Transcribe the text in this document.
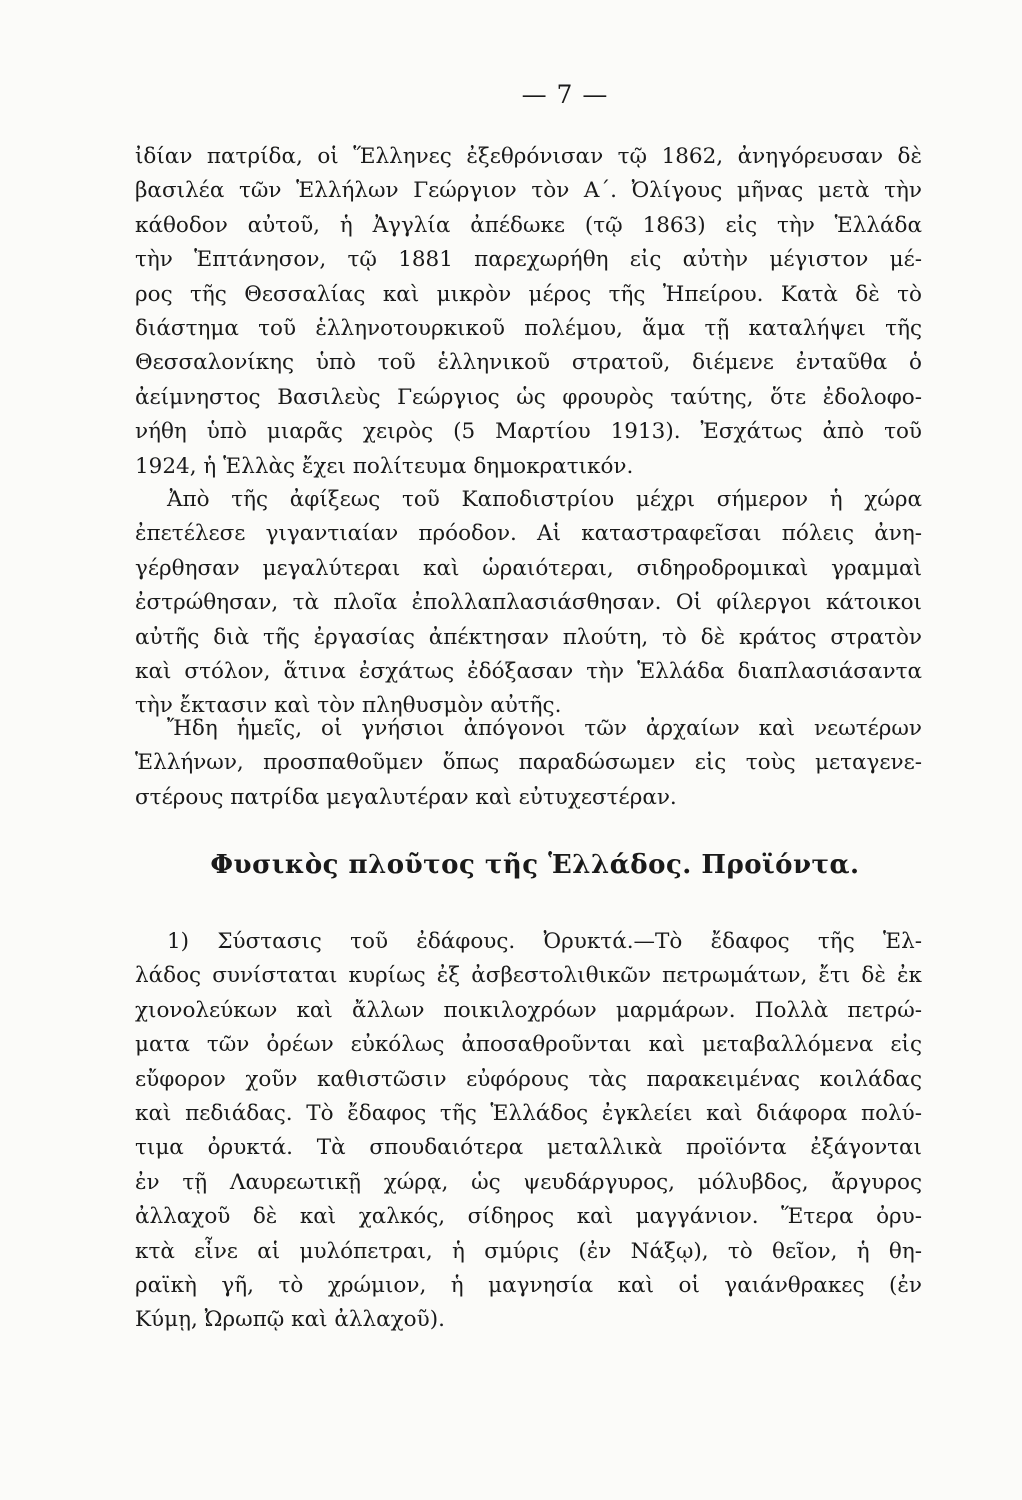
— 7 —
ἰδίαν πατρίδα, οἱ Ἕλληνες ἐξεθρόνισαν τῷ 1862, ἀνηγόρευσαν δὲ
βασιλέα τῶν Ἑλλήλων Γεώργιον τὸν Α΄. Ὀλίγους μῆνας μετὰ τὴν
κάθοδον αὐτοῦ, ἡ Ἀγγλία ἀπέδωκε (τῷ 1863) εἰς τὴν Ἑλλάδα
τὴν Ἑπτάνησον, τῷ 1881 παρεχωρήθη εἰς αὐτὴν μέγιστον μέ-
ρος τῆς Θεσσαλίας καὶ μικρὸν μέρος τῆς Ἠπείρου. Κατὰ δὲ τὸ
διάστημα τοῦ ἑλληνοτουρκικοῦ πολέμου, ἅμα τῇ καταλήψει τῆς
Θεσσαλονίκης ὑπὸ τοῦ ἑλληνικοῦ στρατοῦ, διέμενε ἐνταῦθα ὁ
ἀείμνηστος Βασιλεὺς Γεώργιος ὡς φρουρὸς ταύτης, ὅτε ἐδολοφο-
νήθη ὑπὸ μιαρᾶς χειρὸς (5 Μαρτίου 1913). Ἐσχάτως ἀπὸ τοῦ
1924, ἡ Ἑλλὰς ἔχει πολίτευμα δημοκρατικόν.
Ἀπὸ τῆς ἀφίξεως τοῦ Καποδιστρίου μέχρι σήμερον ἡ χώρα
ἐπετέλεσε γιγαντιαίαν πρόοδον. Αἱ καταστραφεῖσαι πόλεις ἀνη-
γέρθησαν μεγαλύτεραι καὶ ὡραιότεραι, σιδηροδρομικαὶ γραμμαὶ
ἐστρώθησαν, τὰ πλοῖα ἐπολλαπλασιάσθησαν. Οἱ φίλεργοι κάτοικοι
αὐτῆς διὰ τῆς ἐργασίας ἀπέκτησαν πλούτη, τὸ δὲ κράτος στρατὸν
καὶ στόλον, ἅτινα ἐσχάτως ἐδόξασαν τὴν Ἑλλάδα διαπλασιάσαντα
τὴν ἔκτασιν καὶ τὸν πληθυσμὸν αὐτῆς.
Ἤδη ἡμεῖς, οἱ γνήσιοι ἀπόγονοι τῶν ἀρχαίων καὶ νεωτέρων
Ἑλλήνων, προσπαθοῦμεν ὅπως παραδώσωμεν εἰς τοὺς μεταγενε-
στέρους πατρίδα μεγαλυτέραν καὶ εὐτυχεστέραν.
Φυσικὸς πλοῦτος τῆς Ἑλλάδος. Προϊόντα.
1) Σύστασις τοῦ ἐδάφους. Ὀρυκτά.—Τὸ ἔδαφος τῆς Ἑλ-
λάδος συνίσταται κυρίως ἐξ ἀσβεστολιθικῶν πετρωμάτων, ἔτι δὲ ἐκ
χιονολεύκων καὶ ἄλλων ποικιλοχρόων μαρμάρων. Πολλὰ πετρώ-
ματα τῶν ὀρέων εὐκόλως ἀποσαθροῦνται καὶ μεταβαλλόμενα εἰς
εὔφορον χοῦν καθιστῶσιν εὐφόρους τὰς παρακειμένας κοιλάδας
καὶ πεδιάδας. Τὸ ἔδαφος τῆς Ἑλλάδος ἐγκλείει καὶ διάφορα πολύ-
τιμα ὀρυκτά. Τὰ σπουδαιότερα μεταλλικὰ προϊόντα ἐξάγονται
ἐν τῇ Λαυρεωτικῇ χώρᾳ, ὡς ψευδάργυρος, μόλυβδος, ἄργυρος
ἀλλαχοῦ δὲ καὶ χαλκός, σίδηρος καὶ μαγγάνιον. Ἕτερα ὀρυ-
κτὰ εἶνε αἱ μυλόπετραι, ἡ σμύρις (ἐν Νάξῳ), τὸ θεῖον, ἡ θη-
ραϊκὴ γῆ, τὸ χρώμιον, ἡ μαγνησία καὶ οἱ γαιάνθρακες (ἐν
Κύμῃ, Ὠρωπῷ καὶ ἀλλαχοῦ).
